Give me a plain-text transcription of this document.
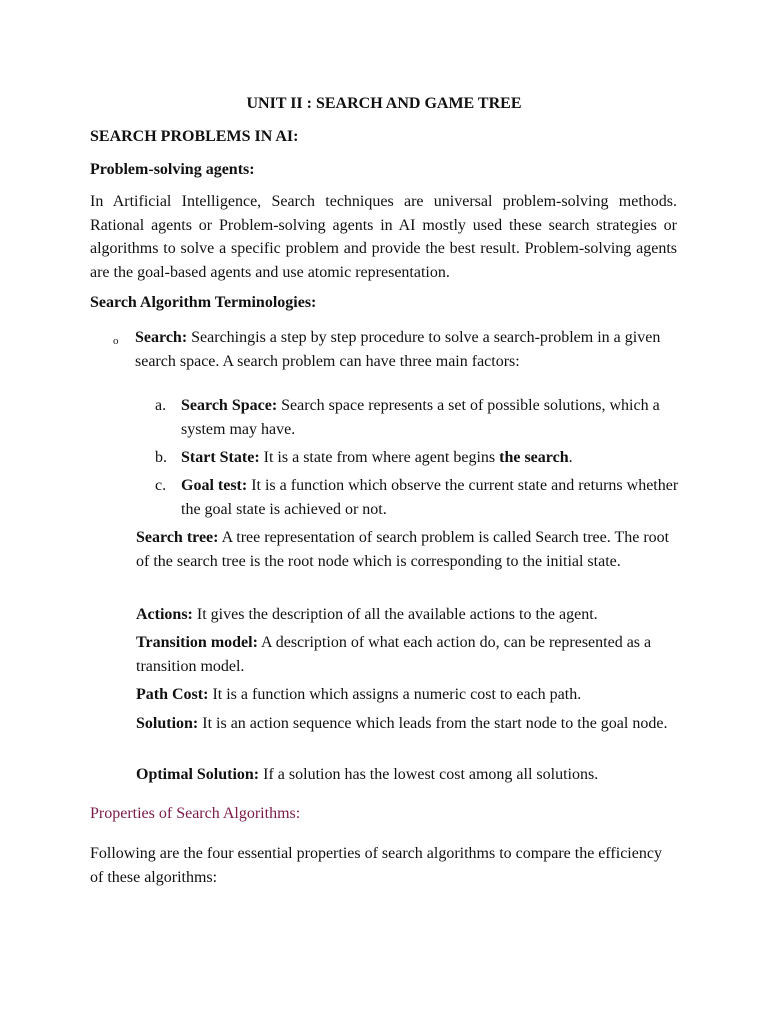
UNIT II : SEARCH AND GAME TREE
SEARCH PROBLEMS IN AI:
Problem-solving agents:
In Artificial Intelligence, Search techniques are universal problem-solving methods. Rational agents or Problem-solving agents in AI mostly used these search strategies or algorithms to solve a specific problem and provide the best result. Problem-solving agents are the goal-based agents and use atomic representation.
Search Algorithm Terminologies:
o	Search: Searchingis a step by step procedure to solve a search-problem in a given search space. A search problem can have three main factors:
a. Search Space: Search space represents a set of possible solutions, which a system may have.
b. Start State: It is a state from where agent begins the search.
c. Goal test: It is a function which observe the current state and returns whether the goal state is achieved or not.
Search tree: A tree representation of search problem is called Search tree. The root of the search tree is the root node which is corresponding to the initial state.
Actions: It gives the description of all the available actions to the agent.
Transition model: A description of what each action do, can be represented as a transition model.
Path Cost: It is a function which assigns a numeric cost to each path.
Solution: It is an action sequence which leads from the start node to the goal node.
Optimal Solution: If a solution has the lowest cost among all solutions.
Properties of Search Algorithms:
Following are the four essential properties of search algorithms to compare the efficiency of these algorithms:
